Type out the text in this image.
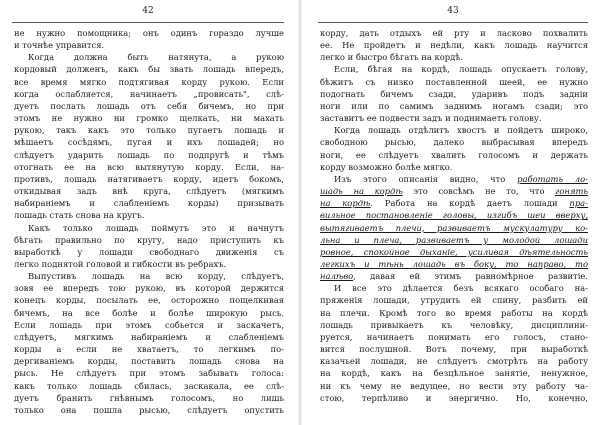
42
не нужно помощника; онъ одинъ гораздо лучше
и точнѣе управится.
Когда должна быть натянута, а рукою
кордовый долженъ, какъ бы звать лошадь впередъ,
все время мягко подтягивая корду рукою. Если
когда ослабляется, начинаетъ „провисать", слѣ-
дуетъ послать лошадь отъ себя бичемъ, но при
этомъ не нужно ни громко щелкать, ни махать
рукою, такъ какъ это только пугаетъ лошадь и
мѣшаетъ сосѣдямъ, пугая и ихъ лошадей; но
слѣдуетъ ударить лошадь по подпругѣ и тѣмъ
отогнать ее на всю вытянутую корду. Если, на-
противъ, лошадь натягиваетъ корду, идетъ бокомъ,
откидывая задъ внѣ круга, слѣдуетъ (мягкимъ
набираніемъ и слабленіемъ корды) призывать
лошадь стать снова на кругъ.
Какъ только лошадь поймутъ это и начнутъ
бѣгать правильно по кругу, надо приступить къ
выработкѣ у лошади свободнаго движенія съ
легко поднятой головой и гибкости въ ребрахъ.
Выпустивъ лошадь на всю корду, слѣдуетъ,
зовя ее впередъ тою рукою, въ которой держится
конецъ корды, посылать ее, осторожно пощелкивая
бичемъ, на все болѣе и болѣе широкую рысь.
Если лошадь при этомъ собьется и заскачетъ,
слѣдуетъ, мягкимъ набираніемъ и слабленіемъ
корды а если не хватаетъ, то легкимъ по-
дергиваніемъ корды, поставить лошадь снова на
рысь. Не слѣдуетъ при этомъ забывать голоса:
какъ только лошадь сбилась, заскакала, ее слѣ-
дуетъ бранить гнѣвнымъ голосомъ, но лишь
только она пошла рысью, слѣдуетъ опустить
43
корду, дать отдыхъ ей рту и ласково похвалить
ее. Не пройдетъ и недѣли, какъ лошадь научится
легко и быстро бѣгать на кордѣ.
Если, бѣгая на кордѣ, лошадь опускаетъ голову,
бѣжитъ съ низко поставленной шеей, ее нужно
подогнать бичемъ сзади, ударивъ подъ задніи
ноги или по самимъ заднимъ ногамъ сзади; это
заставитъ ее подвести задъ и поднимаетъ голову.
Когда лошадь отдѣлитъ хвостъ и пойдетъ широко,
свободною рысью, далеко выбрасывая впередъ
ноги, ее слѣдуетъ хвалить голосомъ и держать
корду возможно болѣе мягко.
Изъ этого описанія видно, что работать ло-
шадь на кордѣ это совсѣмъ не то, что гонять
на кордѣ. Работа на кордѣ даетъ лошади пра-
вильное постановленіе головы, изгибъ шеи вверху,
вытягиваетъ плечи, развиваетъ мускулатуру ко-
льна и плеча, развиваетъ у молодой лошади
ровное, спокойное дыханіе, усиливая дѣятельность
легкихъ и тѣнь лошадь въ боку, то направо, то
налѣво, давая ей этимъ равномѣрное развитіе.
И все это дѣлается безъ всякаго особаго на-
пряженія лошади, утрудить ей спину, разбить ей
на плечи. Кромѣ того во время работы на кордѣ
лошадь привыкаетъ къ человѣку, дисциплини-
руется, начинаетъ понимать его голосъ, стано-
вится послушной. Вотъ почему, при выработкѣ
казачьей лошади, не слѣдуетъ смотрѣть на работу
на кордѣ, какъ на безцѣльное занятіе, ненужное,
ни къ чему не ведущее, но вести эту работу ча-
стою, терпѣливо и энергично. Но, конечно,
